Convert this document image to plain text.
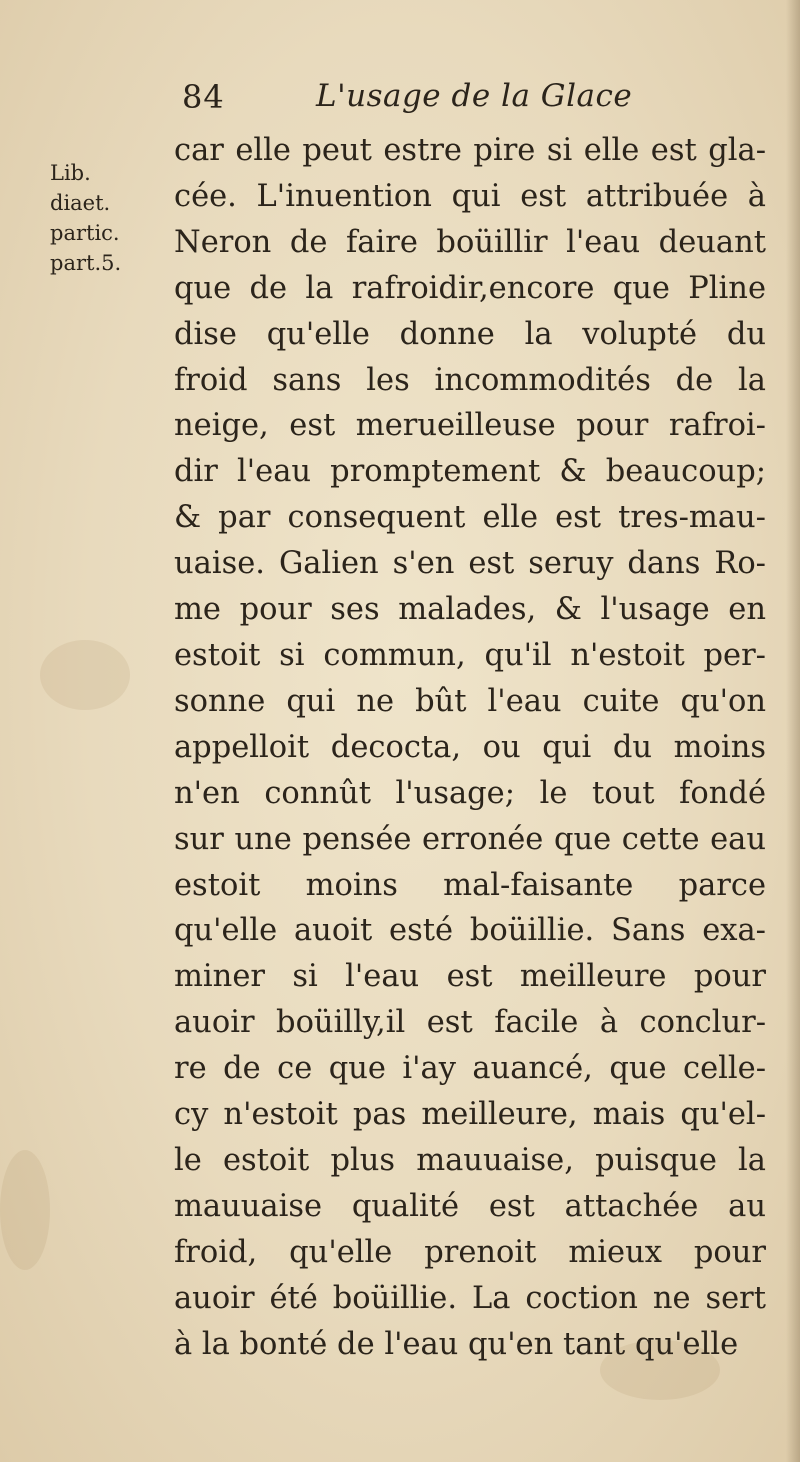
84	L'usage de la Glace
Lib.
diaet.
partic.
part.5.
car elle peut estre pire si elle est gla-
cée. L'inuention qui est attribuée à
Neron de faire boüillir l'eau deuant
que de la rafroidir,encore que Pline
dise qu'elle donne la volupté du
froid sans les incommodités de la
neige, est merueilleuse pour rafroi-
dir l'eau promptement & beaucoup;
& par consequent elle est tres-mau-
uaise. Galien s'en est seruy dans Ro-
me pour ses malades, & l'usage en
estoit si commun, qu'il n'estoit per-
sonne qui ne bût l'eau cuite qu'on
appelloit decocta, ou qui du moins
n'en connût l'usage; le tout fondé
sur une pensée erronée que cette eau
estoit moins mal-faisante parce
qu'elle auoit esté boüillie. Sans exa-
miner si l'eau est meilleure pour
auoir boüilly,il est facile à conclur-
re de ce que i'ay auancé, que celle-
cy n'estoit pas meilleure, mais qu'el-
le estoit plus mauuaise, puisque la
mauuaise qualité est attachée au
froid, qu'elle prenoit mieux pour
auoir été boüillie. La coction ne sert
à la bonté de l'eau qu'en tant qu'elle
